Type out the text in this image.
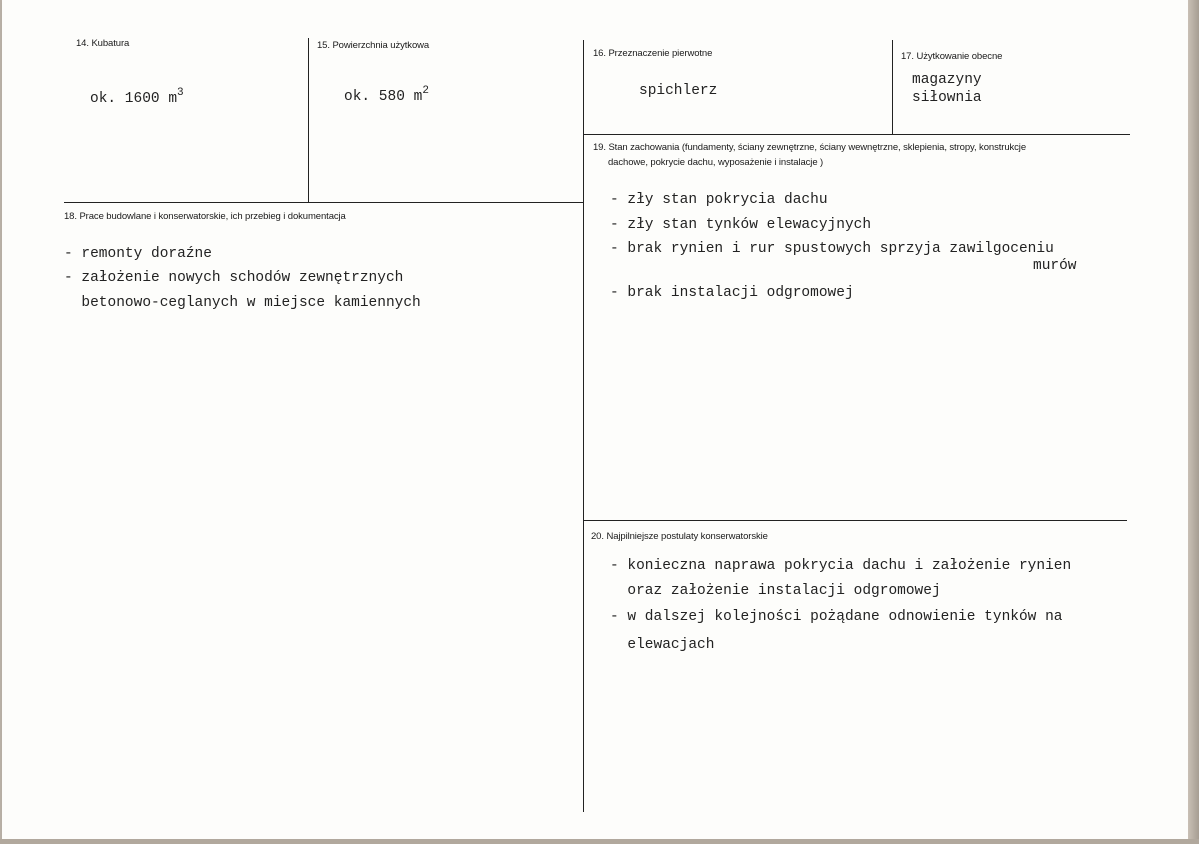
14. Kubatura
ok. 1600 $m^3$
15. Powierzchnia użytkowa
ok. 580 $m^2$
16. Przeznaczenie pierwotne
spichlerz
17. Użytkowanie obecne
magazyny
siłownia
18. Prace budowlane i konserwatorskie, ich przebieg i dokumentacja
- remonty doraźne
- założenie nowych schodów zewnętrznych
betonowo-ceglanych w miejsce kamiennych
19. Stan zachowania (fundamenty, ściany zewnętrzne, ściany wewnętrzne, sklepienia, stropy, konstrukcje
dachowe, pokrycie dachu, wyposażenie i instalacje )
- zły stan pokrycia dachu
- zły stan tynków elewacyjnych
- brak rynien i rur spustowych sprzyja zawilgoceniu
murów
- brak instalacji odgromowej
20. Najpilniejsze postulaty konserwatorskie
- konieczna naprawa pokrycia dachu i założenie rynien
oraz założenie instalacji odgromowej
- w dalszej kolejności pożądane odnowienie tynków na
elewacjach
